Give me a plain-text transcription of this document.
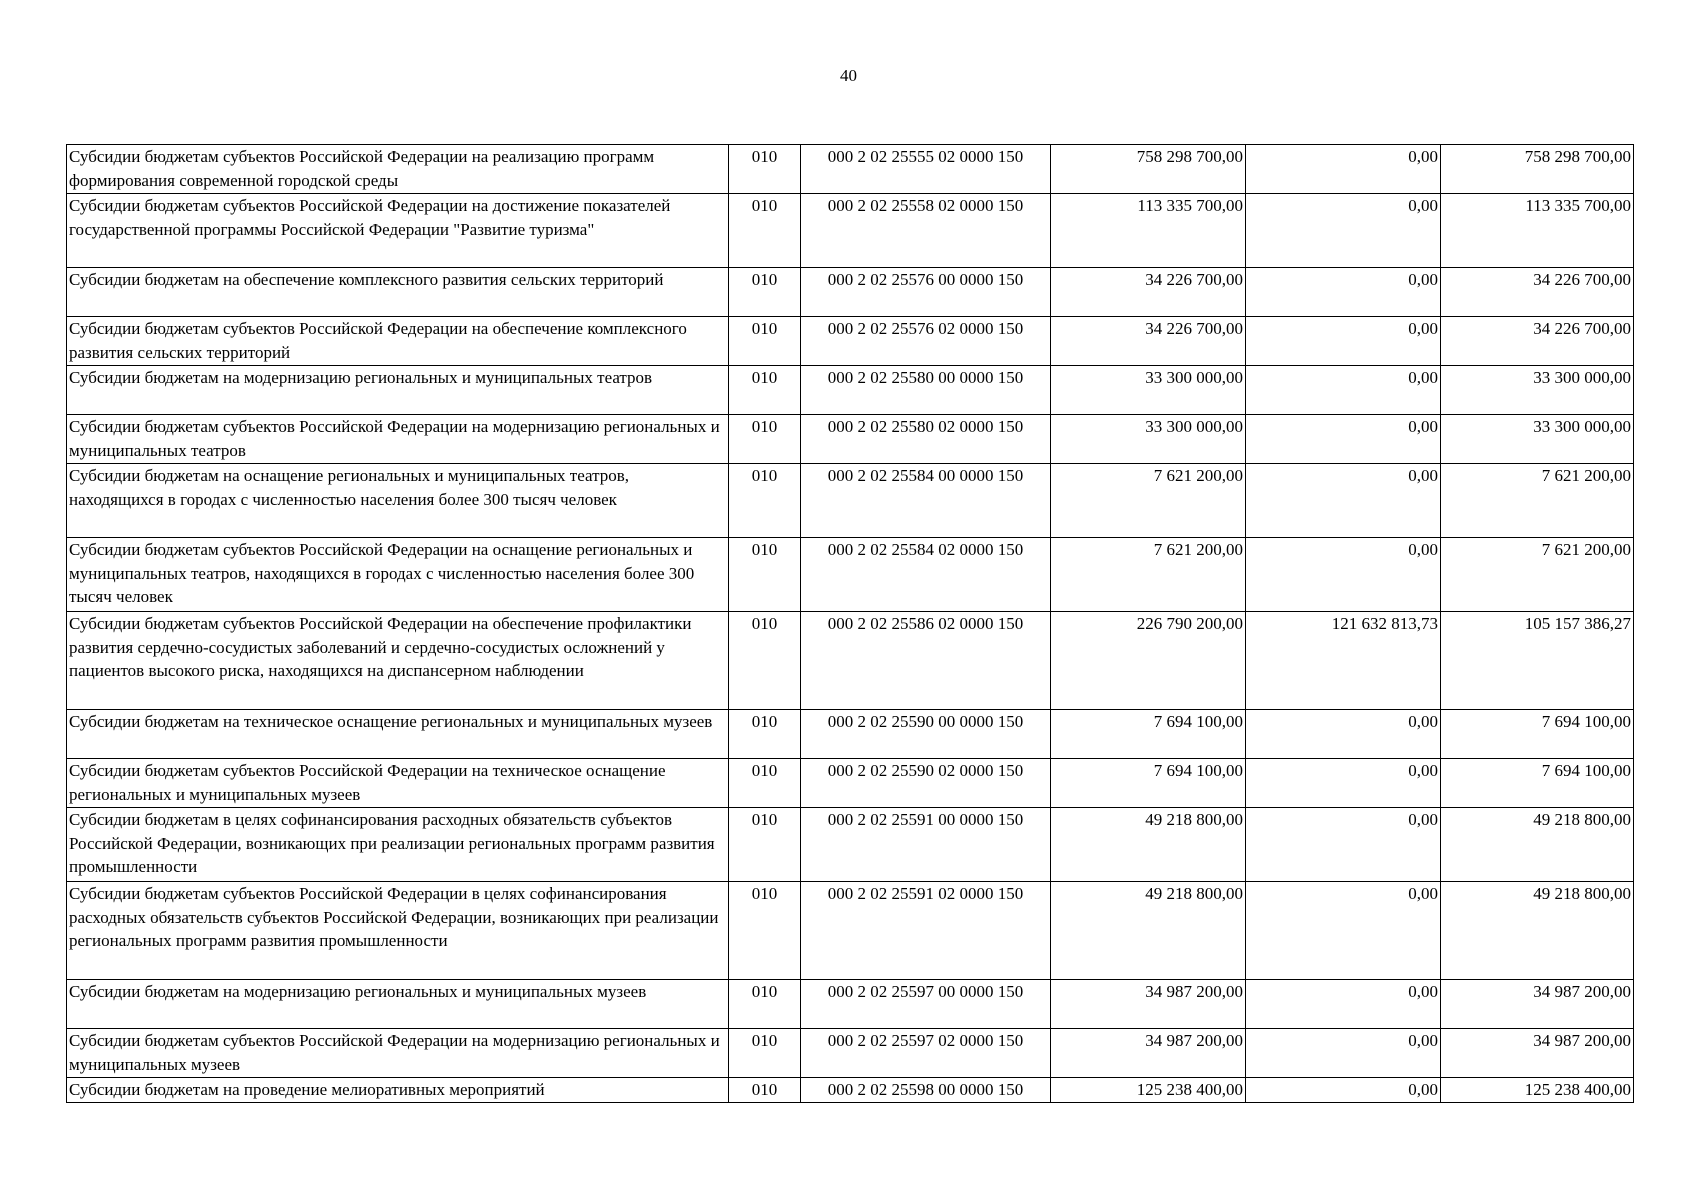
40
Субсидии бюджетам субъектов Российской Федерации на реализацию программ формирования современной городской среды	010	000 2 02 25555 02 0000 150	758 298 700,00	0,00	758 298 700,00
Субсидии бюджетам субъектов Российской Федерации на достижение показателей государственной программы Российской Федерации "Развитие туризма"	010	000 2 02 25558 02 0000 150	113 335 700,00	0,00	113 335 700,00
Субсидии бюджетам на обеспечение комплексного развития сельских территорий	010	000 2 02 25576 00 0000 150	34 226 700,00	0,00	34 226 700,00
Субсидии бюджетам субъектов Российской Федерации на обеспечение комплексного развития сельских территорий	010	000 2 02 25576 02 0000 150	34 226 700,00	0,00	34 226 700,00
Субсидии бюджетам на модернизацию региональных и муниципальных театров	010	000 2 02 25580 00 0000 150	33 300 000,00	0,00	33 300 000,00
Субсидии бюджетам субъектов Российской Федерации на модернизацию региональных и муниципальных театров	010	000 2 02 25580 02 0000 150	33 300 000,00	0,00	33 300 000,00
Субсидии бюджетам на оснащение региональных и муниципальных театров, находящихся в городах с численностью населения более 300 тысяч человек	010	000 2 02 25584 00 0000 150	7 621 200,00	0,00	7 621 200,00
Субсидии бюджетам субъектов Российской Федерации на оснащение региональных и муниципальных театров, находящихся в городах с численностью населения более 300 тысяч человек	010	000 2 02 25584 02 0000 150	7 621 200,00	0,00	7 621 200,00
Субсидии бюджетам субъектов Российской Федерации на обеспечение профилактики развития сердечно-сосудистых заболеваний и сердечно-сосудистых осложнений у пациентов высокого риска, находящихся на диспансерном наблюдении	010	000 2 02 25586 02 0000 150	226 790 200,00	121 632 813,73	105 157 386,27
Субсидии бюджетам на техническое оснащение региональных и муниципальных музеев	010	000 2 02 25590 00 0000 150	7 694 100,00	0,00	7 694 100,00
Субсидии бюджетам субъектов Российской Федерации на техническое оснащение региональных и муниципальных музеев	010	000 2 02 25590 02 0000 150	7 694 100,00	0,00	7 694 100,00
Субсидии бюджетам в целях софинансирования расходных обязательств субъектов Российской Федерации, возникающих при реализации региональных программ развития промышленности	010	000 2 02 25591 00 0000 150	49 218 800,00	0,00	49 218 800,00
Субсидии бюджетам субъектов Российской Федерации в целях софинансирования расходных обязательств субъектов Российской Федерации, возникающих при реализации региональных программ развития промышленности	010	000 2 02 25591 02 0000 150	49 218 800,00	0,00	49 218 800,00
Субсидии бюджетам на модернизацию региональных и муниципальных музеев	010	000 2 02 25597 00 0000 150	34 987 200,00	0,00	34 987 200,00
Субсидии бюджетам субъектов Российской Федерации на модернизацию региональных и муниципальных музеев	010	000 2 02 25597 02 0000 150	34 987 200,00	0,00	34 987 200,00
Субсидии бюджетам на проведение мелиоративных мероприятий	010	000 2 02 25598 00 0000 150	125 238 400,00	0,00	125 238 400,00
